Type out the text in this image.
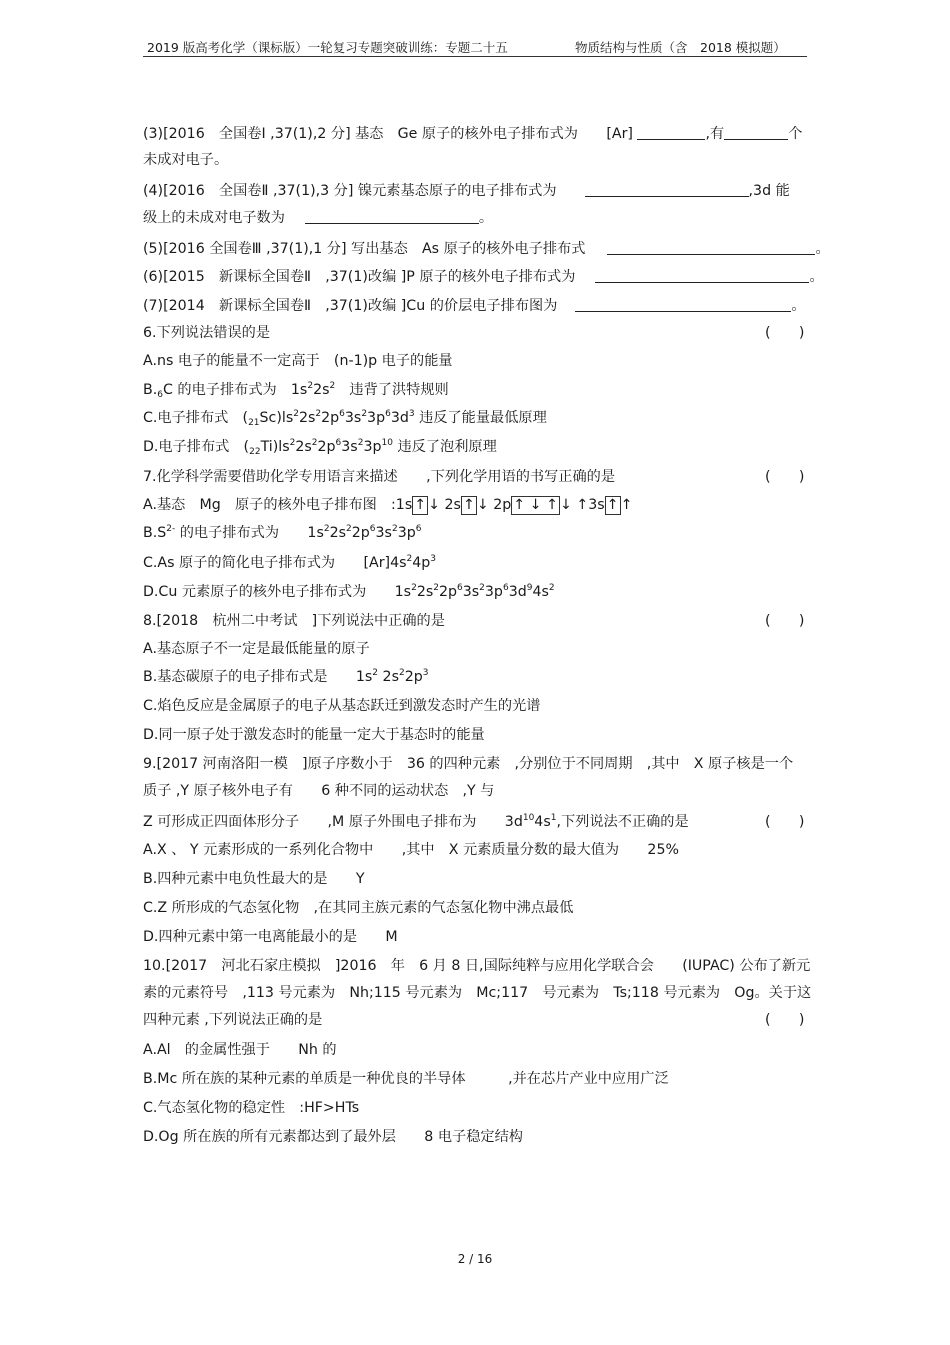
2019 版高考化学（课标版）一轮复习专题突破训练：专题二十五	物质结构与性质（含　2018 模拟题）
(3)[2016　全国卷Ⅰ ,37(1),2 分] 基态　Ge 原子的核外电子排布式为　　[Ar]	,有	个
未成对电子。
(4)[2016　全国卷Ⅱ ,37(1),3 分] 镍元素基态原子的电子排布式为	,3d 能
级上的未成对电子数为	。
(5)[2016 全国卷Ⅲ ,37(1),1 分] 写出基态　As 原子的核外电子排布式	。
(6)[2015　新课标全国卷Ⅱ　,37(1)改编 ]P 原子的核外电子排布式为	。
(7)[2014　新课标全国卷Ⅱ　,37(1)改编 ]Cu 的价层电子排布图为	。
6.下列说法错误的是	(　　)
A.ns 电子的能量不一定高于　(n-1)p 电子的能量
$B._6C$ 的电子排布式为　$1s^22s^2$　违背了洪特规则
C.电子排布式　$(_{21}Sc)ls^22s^22p^63s^23p^63d^3$ 违反了能量最低原理
D.电子排布式　$(_{22}Ti)ls^22s^22p^63s^23p^{10}$ 违反了泡利原理
7.化学科学需要借助化学专用语言来描述　　,下列化学用语的书写正确的是	(　　)
A.基态　Mg　原子的核外电子排布图　:1s ↑ ↓ 2s ↑ ↓ 2p ↑ ↓ ↑ ↓ ↑3s ↑ ↑
$B.S^{2-}$ 的电子排布式为　　$1s^22s^22p^63s^23p^6$
C.As 原子的简化电子排布式为　　$[Ar]4s^24p^3$
D.Cu 元素原子的核外电子排布式为　　$1s^22s^22p^63s^23p^63d^94s^2$
8.[2018　杭州二中考试　]下列说法中正确的是	(　　)
A.基态原子不一定是最低能量的原子
B.基态碳原子的电子排布式是　　$1s^2$ $2s^22p^3$
C.焰色反应是金属原子的电子从基态跃迁到激发态时产生的光谱
D.同一原子处于激发态时的能量一定大于基态时的能量
9.[2017 河南洛阳一模　]原子序数小于　36 的四种元素　,分别位于不同周期　,其中　X 原子核是一个
质子 ,Y 原子核外电子有　　6 种不同的运动状态　,Y 与
Z 可形成正四面体形分子　　,M 原子外围电子排布为　　$3d^{10}4s^1$,下列说法不正确的是	(　　)
A.X 、 Y 元素形成的一系列化合物中　　,其中　X 元素质量分数的最大值为　　25%
B.四种元素中电负性最大的是　　Y
C.Z 所形成的气态氢化物　,在其同主族元素的气态氢化物中沸点最低
D.四种元素中第一电离能最小的是　　M
10.[2017　河北石家庄模拟　]2016　年　6 月 8 日,国际纯粹与应用化学联合会　　(IUPAC) 公布了新元
素的元素符号　,113 号元素为　Nh;115 号元素为　Mc;117　号元素为　Ts;118 号元素为　Og。关于这
四种元素 ,下列说法正确的是	(　　)
A.Al　的金属性强于　　Nh 的
B.Mc 所在族的某种元素的单质是一种优良的半导体　　　,并在芯片产业中应用广泛
C.气态氢化物的稳定性　:HF>HTs
D.Og 所在族的所有元素都达到了最外层　　8 电子稳定结构
2 / 16
